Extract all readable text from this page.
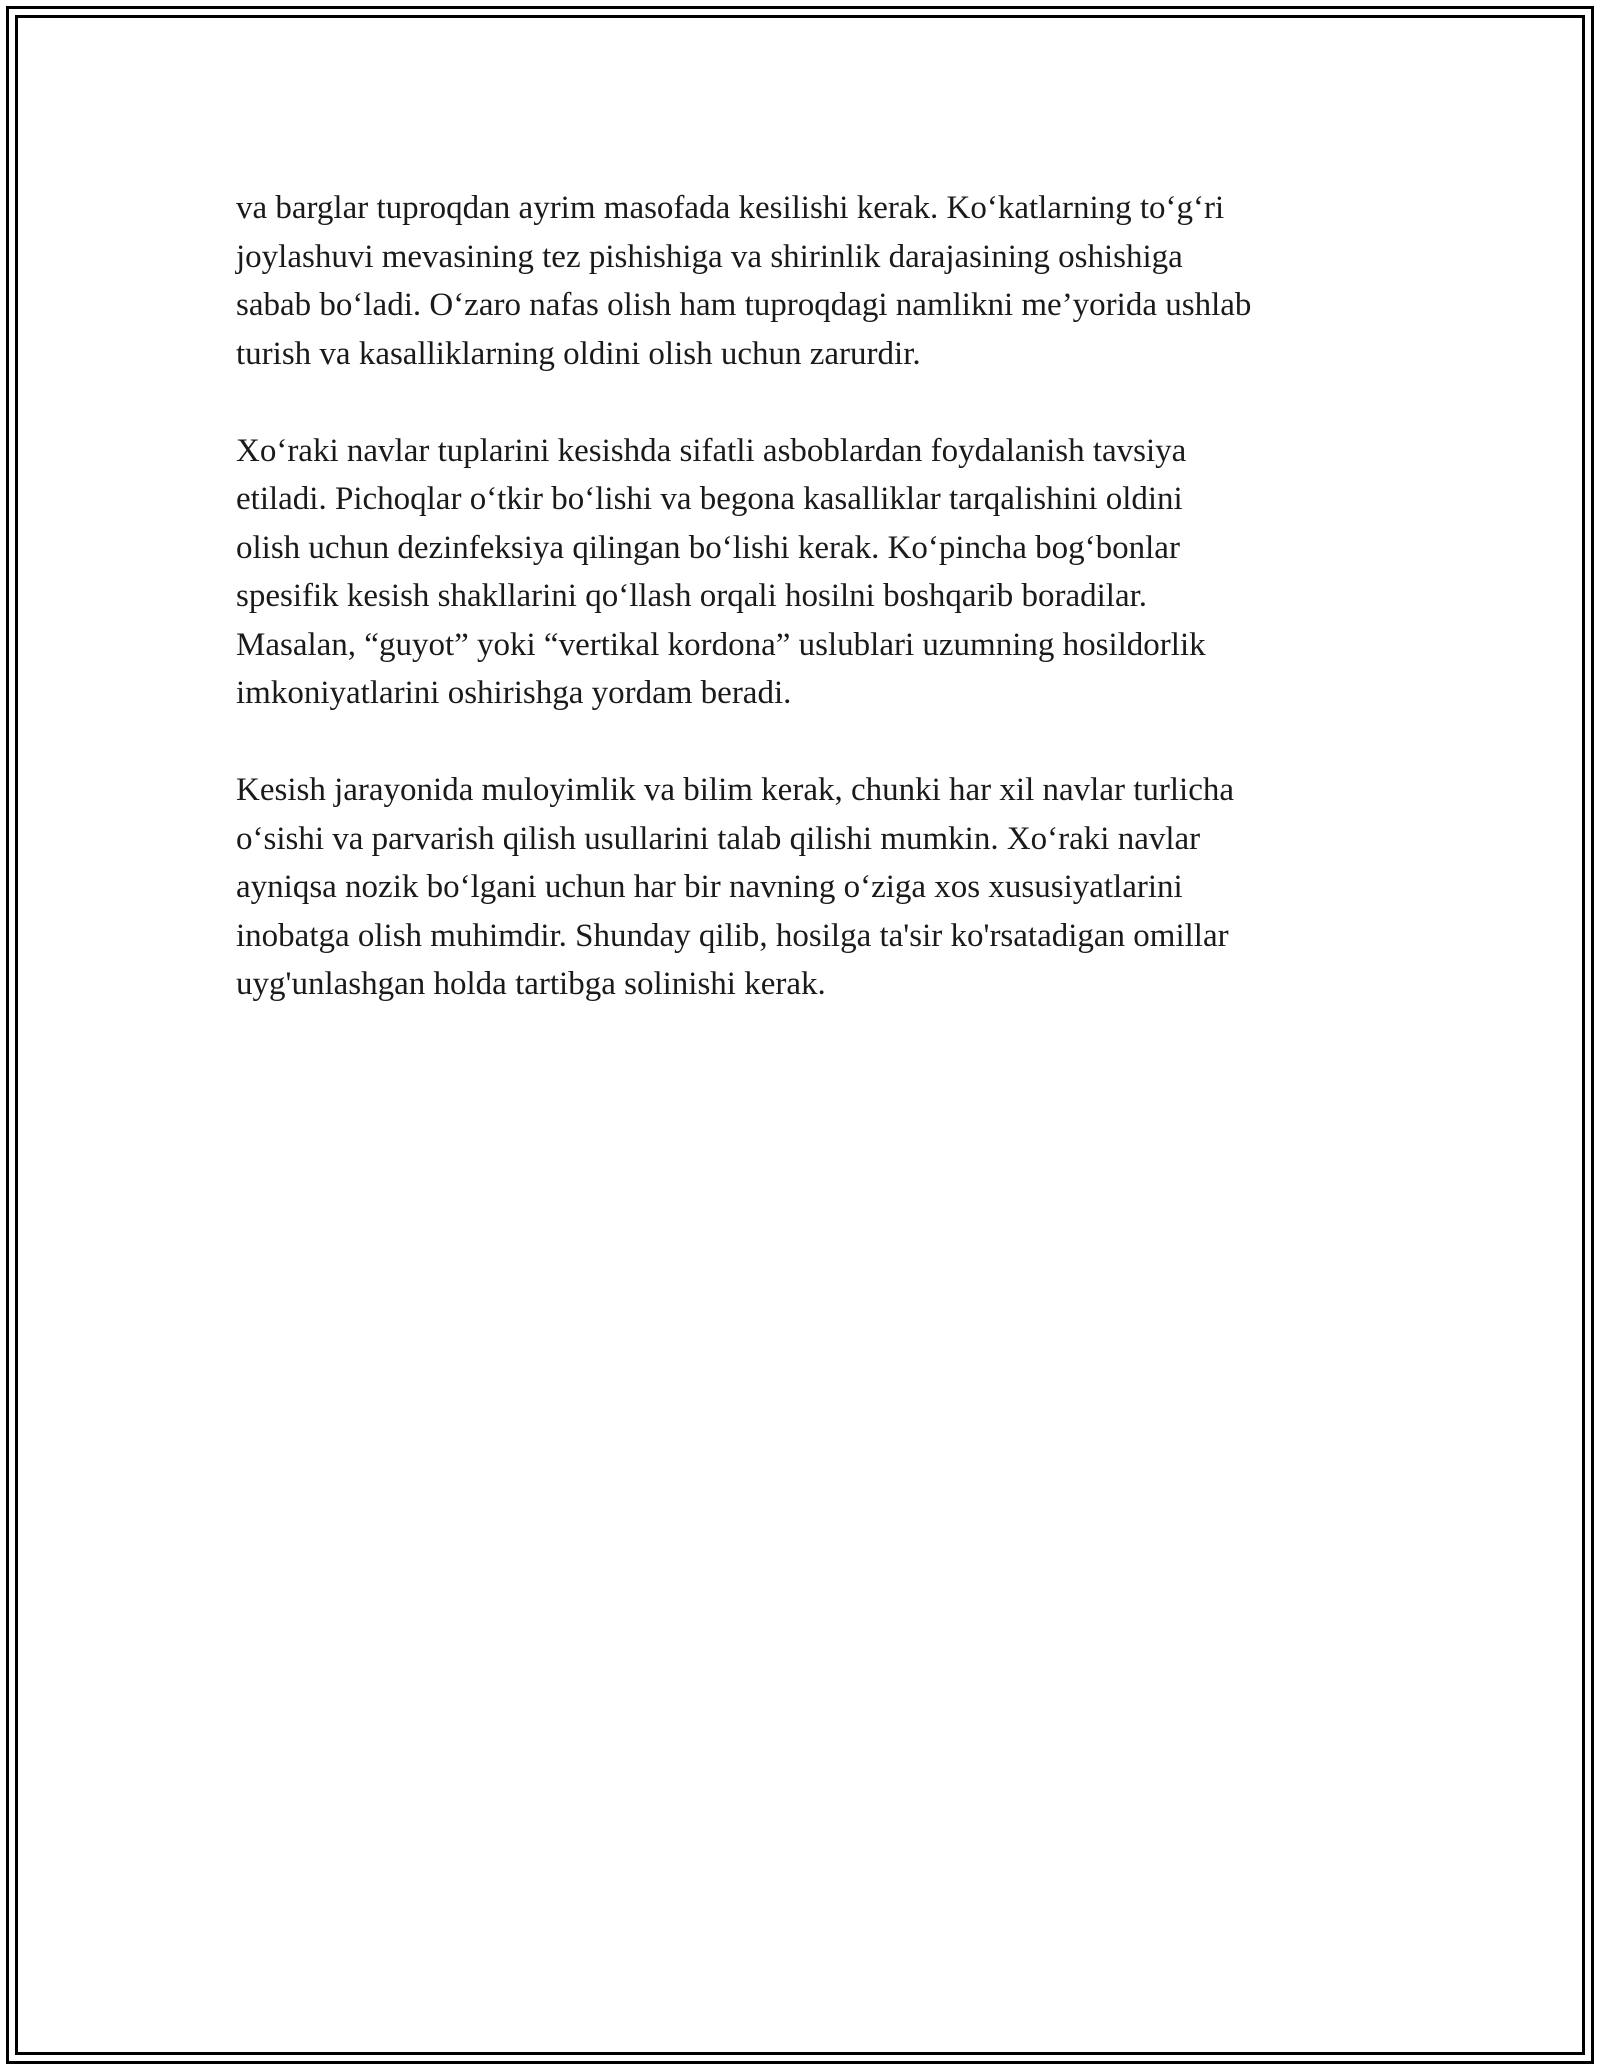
va barglar tuproqdan ayrim masofada kesilishi kerak. Ko‘katlarning to‘g‘ri
joylashuvi mevasining tez pishishiga va shirinlik darajasining oshishiga
sabab bo‘ladi. O‘zaro nafas olish ham tuproqdagi namlikni me’yorida ushlab
turish va kasalliklarning oldini olish uchun zarurdir.

Xo‘raki navlar tuplarini kesishda sifatli asboblardan foydalanish tavsiya
etiladi. Pichoqlar o‘tkir bo‘lishi va begona kasalliklar tarqalishini oldini
olish uchun dezinfeksiya qilingan bo‘lishi kerak. Ko‘pincha bog‘bonlar
spesifik kesish shakllarini qo‘llash orqali hosilni boshqarib boradilar.
Masalan, “guyot” yoki “vertikal kordona” uslublari uzumning hosildorlik
imkoniyatlarini oshirishga yordam beradi.

Kesish jarayonida muloyimlik va bilim kerak, chunki har xil navlar turlicha
o‘sishi va parvarish qilish usullarini talab qilishi mumkin. Xo‘raki navlar
ayniqsa nozik bo‘lgani uchun har bir navning o‘ziga xos xususiyatlarini
inobatga olish muhimdir. Shunday qilib, hosilga ta'sir ko'rsatadigan omillar
uyg'unlashgan holda tartibga solinishi kerak.
